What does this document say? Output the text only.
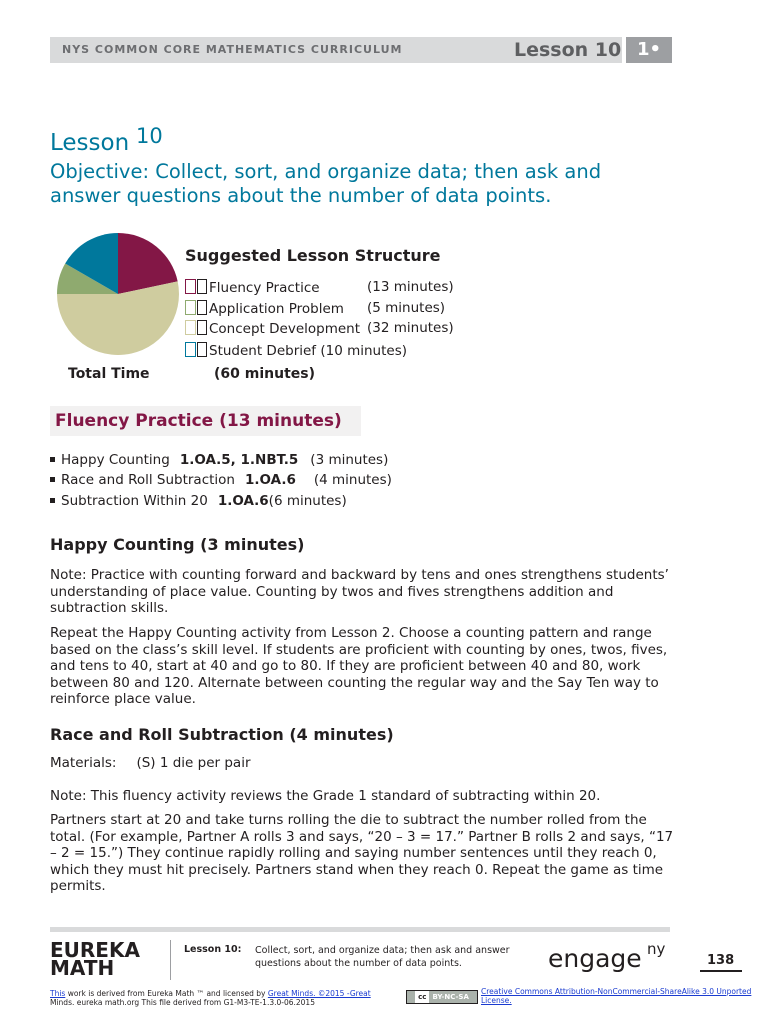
NYS COMMON CORE MATHEMATICS CURRICULUM	Lesson 10 1•
Lesson 10
Objective: Collect, sort, and organize data; then ask and answer questions about the number of data points.
Suggested Lesson Structure
Fluency Practice	(13 minutes)
Application Problem (5 minutes)
Concept Development (32 minutes)
Student Debrief (10 minutes)
Total Time	(60 minutes)
Fluency Practice (13 minutes)
Happy Counting 1.OA.5, 1.NBT.5 (3 minutes)
Race and Roll Subtraction 1.OA.6 (4 minutes)
Subtraction Within 20 1.OA.6(6 minutes)
Happy Counting (3 minutes)
Note: Practice with counting forward and backward by tens and ones strengthens students’ understanding of place value. Counting by twos and fives strengthens addition and subtraction skills.
Repeat the Happy Counting activity from Lesson 2. Choose a counting pattern and range based on the class’s skill level. If students are proficient with counting by ones, twos, fives, and tens to 40, start at 40 and go to 80. If they are proficient between 40 and 80, work between 80 and 120. Alternate between counting the regular way and the Say Ten way to reinforce place value.
Race and Roll Subtraction (4 minutes)
Materials: (S) 1 die per pair
Note: This fluency activity reviews the Grade 1 standard of subtracting within 20.
Partners start at 20 and take turns rolling the die to subtract the number rolled from the total. (For example, Partner A rolls 3 and says, “20 – 3 = 17.” Partner B rolls 2 and says, “17 – 2 = 15.”) They continue rapidly rolling and saying number sentences until they reach 0, which they must hit precisely. Partners stand when they reach 0. Repeat the game as time permits.
EUREKA
MATH
Lesson 10: Collect, sort, and organize data; then ask and answer questions about the number of data points.	engage ny
138
This work is derived from Eureka Math ™ and licensed by Great Minds. ©2015 -Great
Minds. eureka math.org This file derived from G1-M3-TE-1.3.0-06.2015
cc BY-NC-SA
Creative Commons Attribution-NonCommercial-ShareAlike 3.0 Unported License.
